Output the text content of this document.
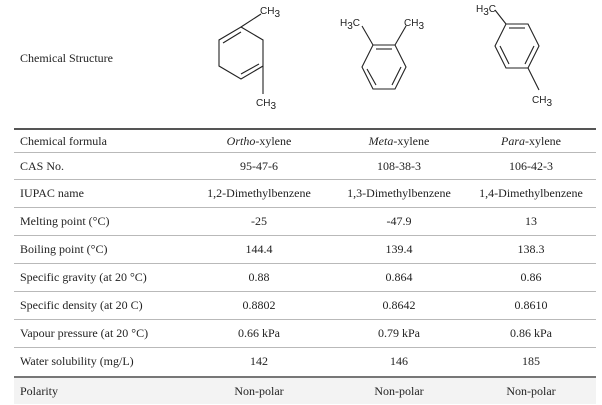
Chemical Structure
CH3
CH3
H3C	CH3
H3C
CH3
Chemical formula	Ortho -xylene	Meta -xylene	Para -xylene
CAS No.	95-47-6	108-38-3	106-42-3
IUPAC name	1,2-Dimethylbenzene	1,3-Dimethylbenzene	1,4-Dimethylbenzene
Melting point (°C)	-25	-47.9	13
Boiling point (°C)	144.4	139.4	138.3
Specific gravity (at 20 °C)	0.88	0.864	0.86
Specific density (at 20 C)	0.8802	0.8642	0.8610
Vapour pressure (at 20 °C)	0.66 kPa	0.79 kPa	0.86 kPa
Water solubility (mg/L)	142	146	185
Polarity	Non-polar	Non-polar	Non-polar
